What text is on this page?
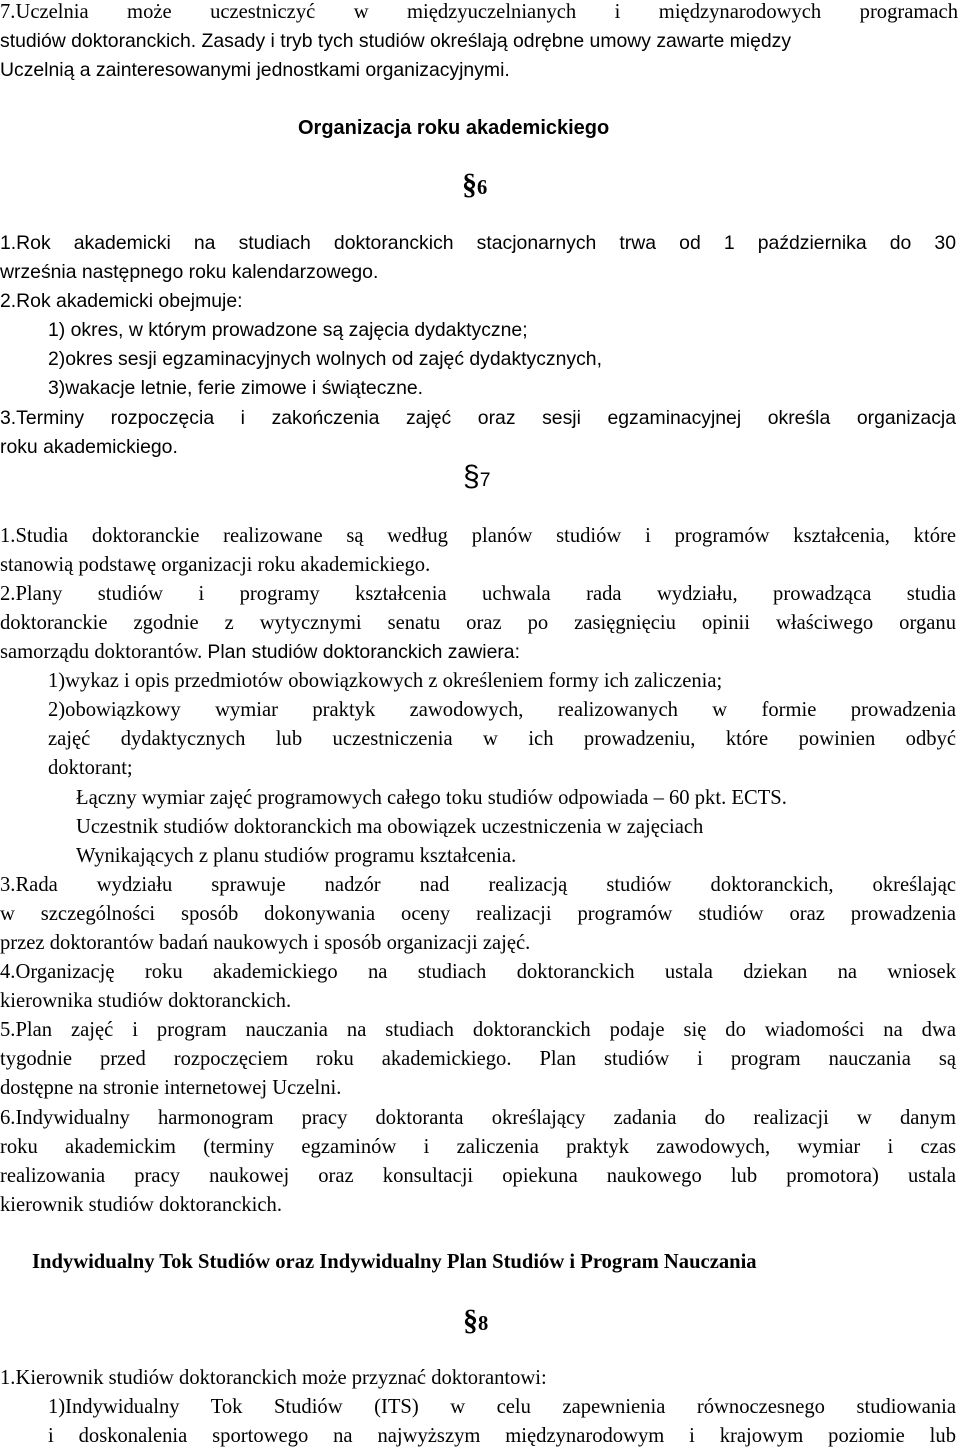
7.Uczelnia może uczestniczyć w międzyuczelnianych i międzynarodowych programach

studiów doktoranckich. Zasady i tryb tych studiów określają odrębne umowy zawarte między

Uczelnią a zainteresowanymi jednostkami organizacyjnymi.

Organizacja roku akademickiego

§6

1.Rok akademicki na studiach doktoranckich stacjonarnych trwa od 1 października do 30

września następnego roku kalendarzowego.

2.Rok akademicki obejmuje:

1) okres, w którym prowadzone są zajęcia dydaktyczne;

2)okres sesji egzaminacyjnych wolnych od zajęć dydaktycznych,

3)wakacje letnie, ferie zimowe i świąteczne.

3.Terminy rozpoczęcia i zakończenia zajęć oraz sesji egzaminacyjnej określa organizacja

roku akademickiego.

§7

1.Studia doktoranckie realizowane są według planów studiów i programów kształcenia, które

stanowią podstawę organizacji roku akademickiego.

2.Plany studiów i programy kształcenia uchwala rada wydziału, prowadząca studia

doktoranckie zgodnie z wytycznymi senatu oraz po zasięgnięciu opinii właściwego organu

samorządu doktorantów. Plan studiów doktoranckich zawiera:

1)wykaz i opis przedmiotów obowiązkowych z określeniem formy ich zaliczenia;

2)obowiązkowy wymiar praktyk zawodowych, realizowanych w formie prowadzenia

zajęć dydaktycznych lub uczestniczenia w ich prowadzeniu, które powinien odbyć

doktorant;

Łączny wymiar zajęć programowych całego toku studiów odpowiada – 60 pkt. ECTS.

Uczestnik studiów doktoranckich ma obowiązek uczestniczenia w zajęciach

Wynikających z planu studiów programu kształcenia.

3.Rada wydziału sprawuje nadzór nad realizacją studiów doktoranckich, określając

w szczególności sposób dokonywania oceny realizacji programów studiów oraz prowadzenia

przez doktorantów badań naukowych i sposób organizacji zajęć.

4.Organizację roku akademickiego na studiach doktoranckich ustala dziekan na wniosek

kierownika studiów doktoranckich.

5.Plan zajęć i program nauczania na studiach doktoranckich podaje się do wiadomości na dwa

tygodnie przed rozpoczęciem roku akademickiego. Plan studiów i program nauczania są

dostępne na stronie internetowej Uczelni.

6.Indywidualny harmonogram pracy doktoranta określający zadania do realizacji w danym

roku akademickim (terminy egzaminów i zaliczenia praktyk zawodowych, wymiar i czas

realizowania pracy naukowej oraz konsultacji opiekuna naukowego lub promotora) ustala

kierownik studiów doktoranckich.

Indywidualny Tok Studiów oraz Indywidualny Plan Studiów i Program Nauczania

§8

1.Kierownik studiów doktoranckich może przyznać doktorantowi:

1)Indywidualny Tok Studiów (ITS) w celu zapewnienia równoczesnego studiowania

i doskonalenia sportowego na najwyższym międzynarodowym i krajowym poziomie lub
